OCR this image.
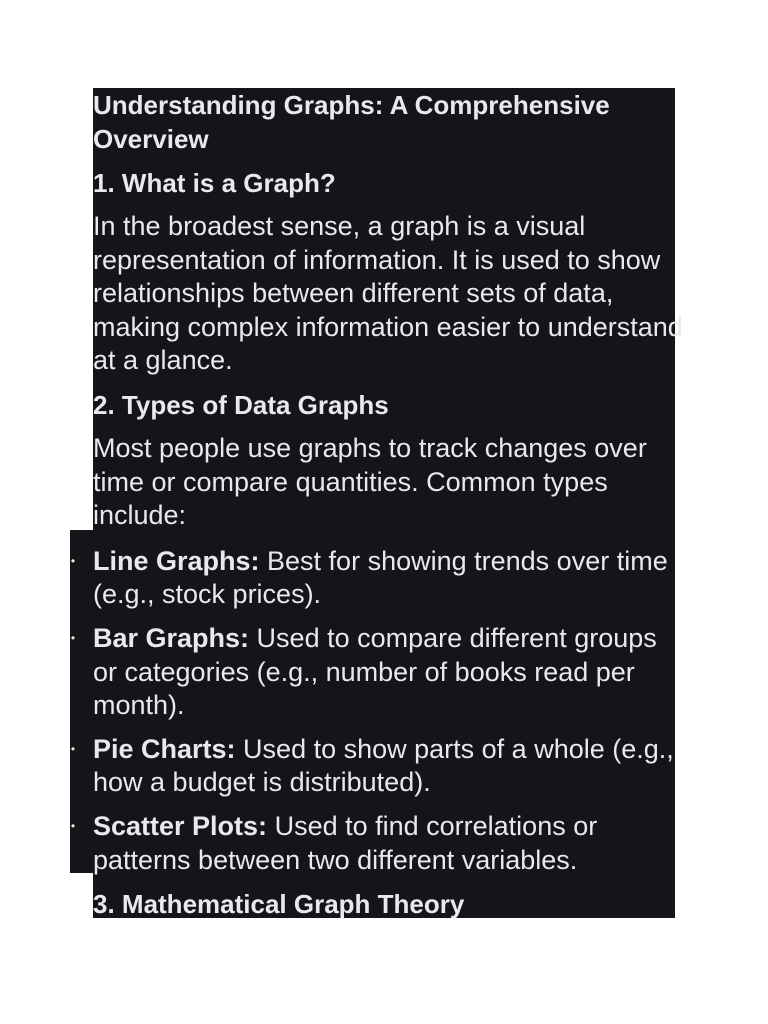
Understanding Graphs: A Comprehensive Overview
1. What is a Graph?

In the broadest sense, a graph is a visual representation of information. It is used to show relationships between different sets of data, making complex information easier to understand at a glance.

2. Types of Data Graphs

Most people use graphs to track changes over time or compare quantities. Common types include:

• Line Graphs: Best for showing trends over time (e.g., stock prices).
• Bar Graphs: Used to compare different groups or categories (e.g., number of books read per month).
• Pie Charts: Used to show parts of a whole (e.g., how a budget is distributed).
• Scatter Plots: Used to find correlations or patterns between two different variables.
3. Mathematical Graph Theory
